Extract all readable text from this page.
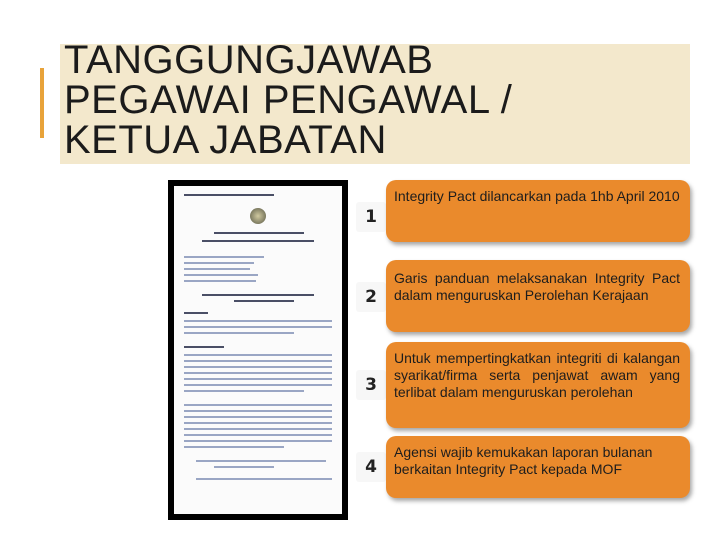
TANGGUNGJAWAB
PEGAWAI PENGAWAL /
KETUA JABATAN
1
Integrity Pact dilancarkan pada 1hb April 2010
2
Garis panduan melaksanakan Integrity Pact dalam menguruskan Perolehan Kerajaan
3
Untuk mempertingkatkan integriti di kalangan syarikat/firma serta penjawat awam yang terlibat dalam menguruskan perolehan
4
Agensi wajib kemukakan laporan bulanan berkaitan Integrity Pact kepada MOF
